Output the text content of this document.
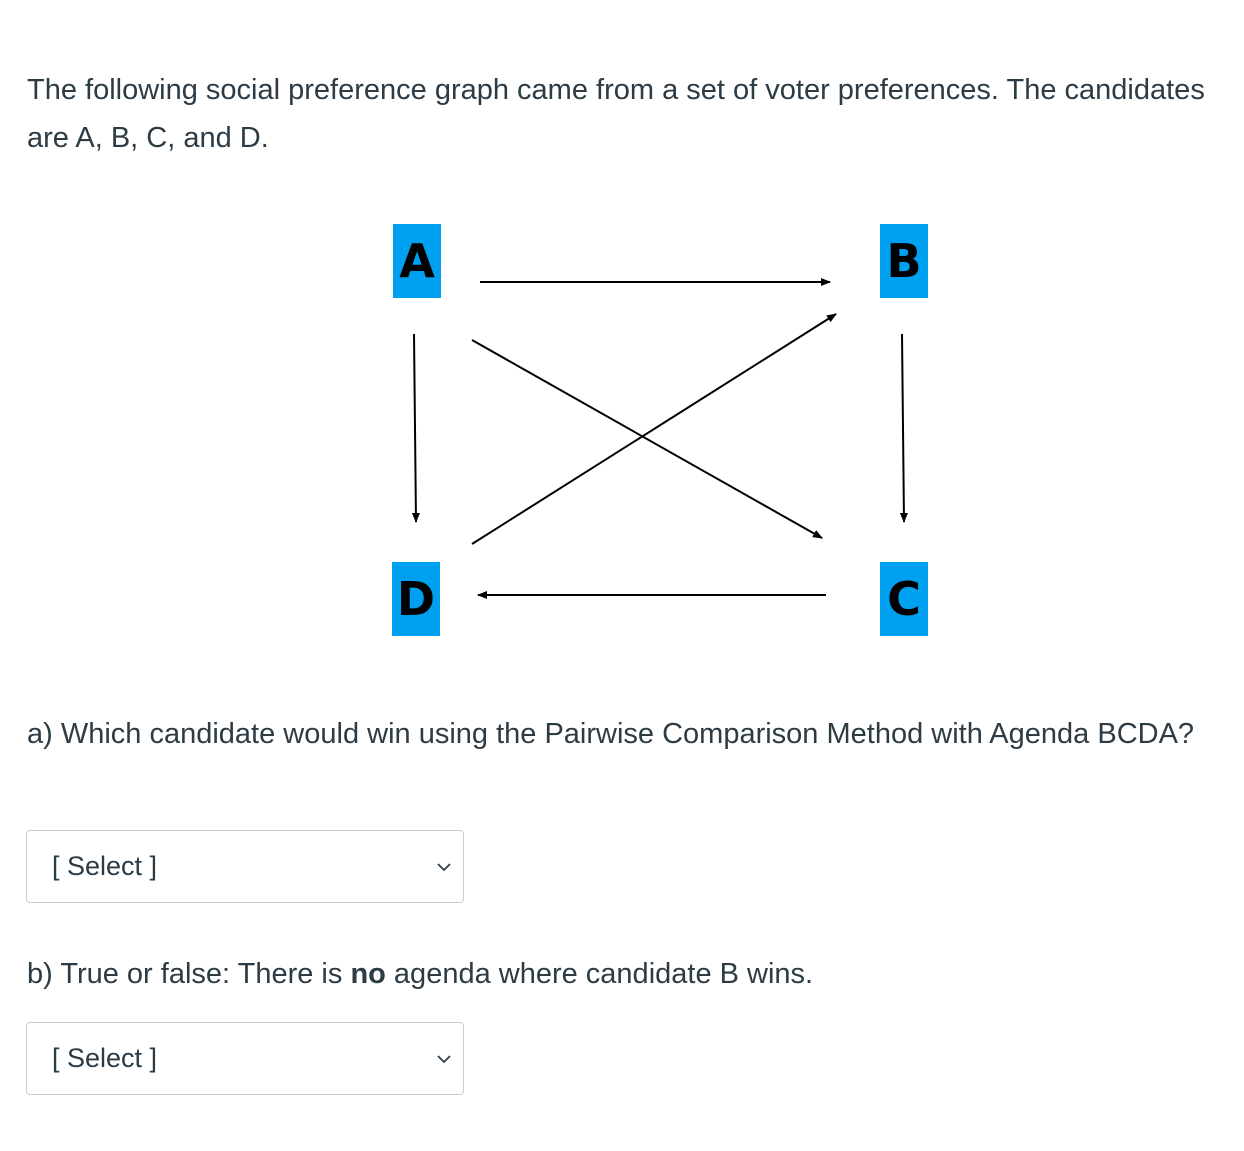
The following social preference graph came from a set of voter preferences. The candidates are A, B, C, and D.

A	B
D	C

a) Which candidate would win using the Pairwise Comparison Method with Agenda BCDA?

[ Select ]

b) True or false: There is no agenda where candidate B wins.

[ Select ]
